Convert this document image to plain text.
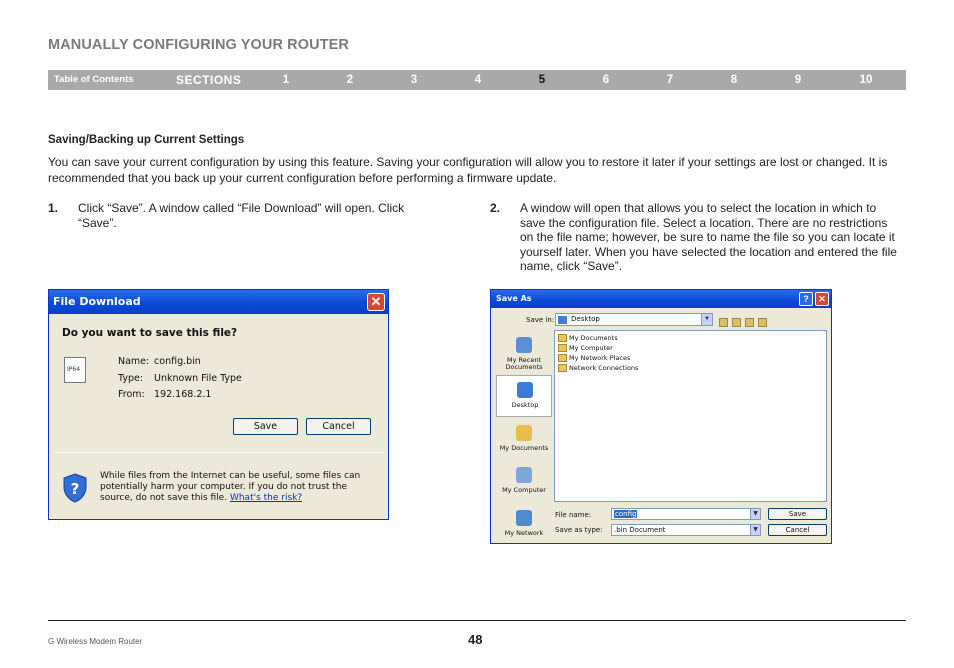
MANUALLY CONFIGURING YOUR ROUTER
Table of Contents	SECTIONS	1	2	3	4	5	6	7	8	9	10
Saving/Backing up Current Settings
You can save your current configuration by using this feature. Saving your configuration will allow you to restore it later if your settings are lost or changed. It is recommended that you back up your current configuration before performing a firmware update.
1. Click “Save”. A window called “File Download” will open. Click “Save”.
2. A window will open that allows you to select the location in which to save the configuration file. Select a location. There are no restrictions on the file name; however, be sure to name the file so you can locate it yourself later. When you have selected the location and entered the file name, click “Save”.
File Download	✕
Do you want to save this file?
IP64
Name: config.bin
Type: Unknown File Type
From: 192.168.2.1
Save	Cancel
?
While files from the Internet can be useful, some files can potentially harm your computer. If you do not trust the source, do not save this file. What's the risk?
Save As	?	✕
Save in: Desktop	▼
My Recent Documents
Desktop
My Documents
My Computer
My Network
My Documents
My Computer
My Network Places
Network Connections
File name:	config	▼
Save as type: .bin Document	▼
Save
Cancel
G Wireless Modem Router	48
